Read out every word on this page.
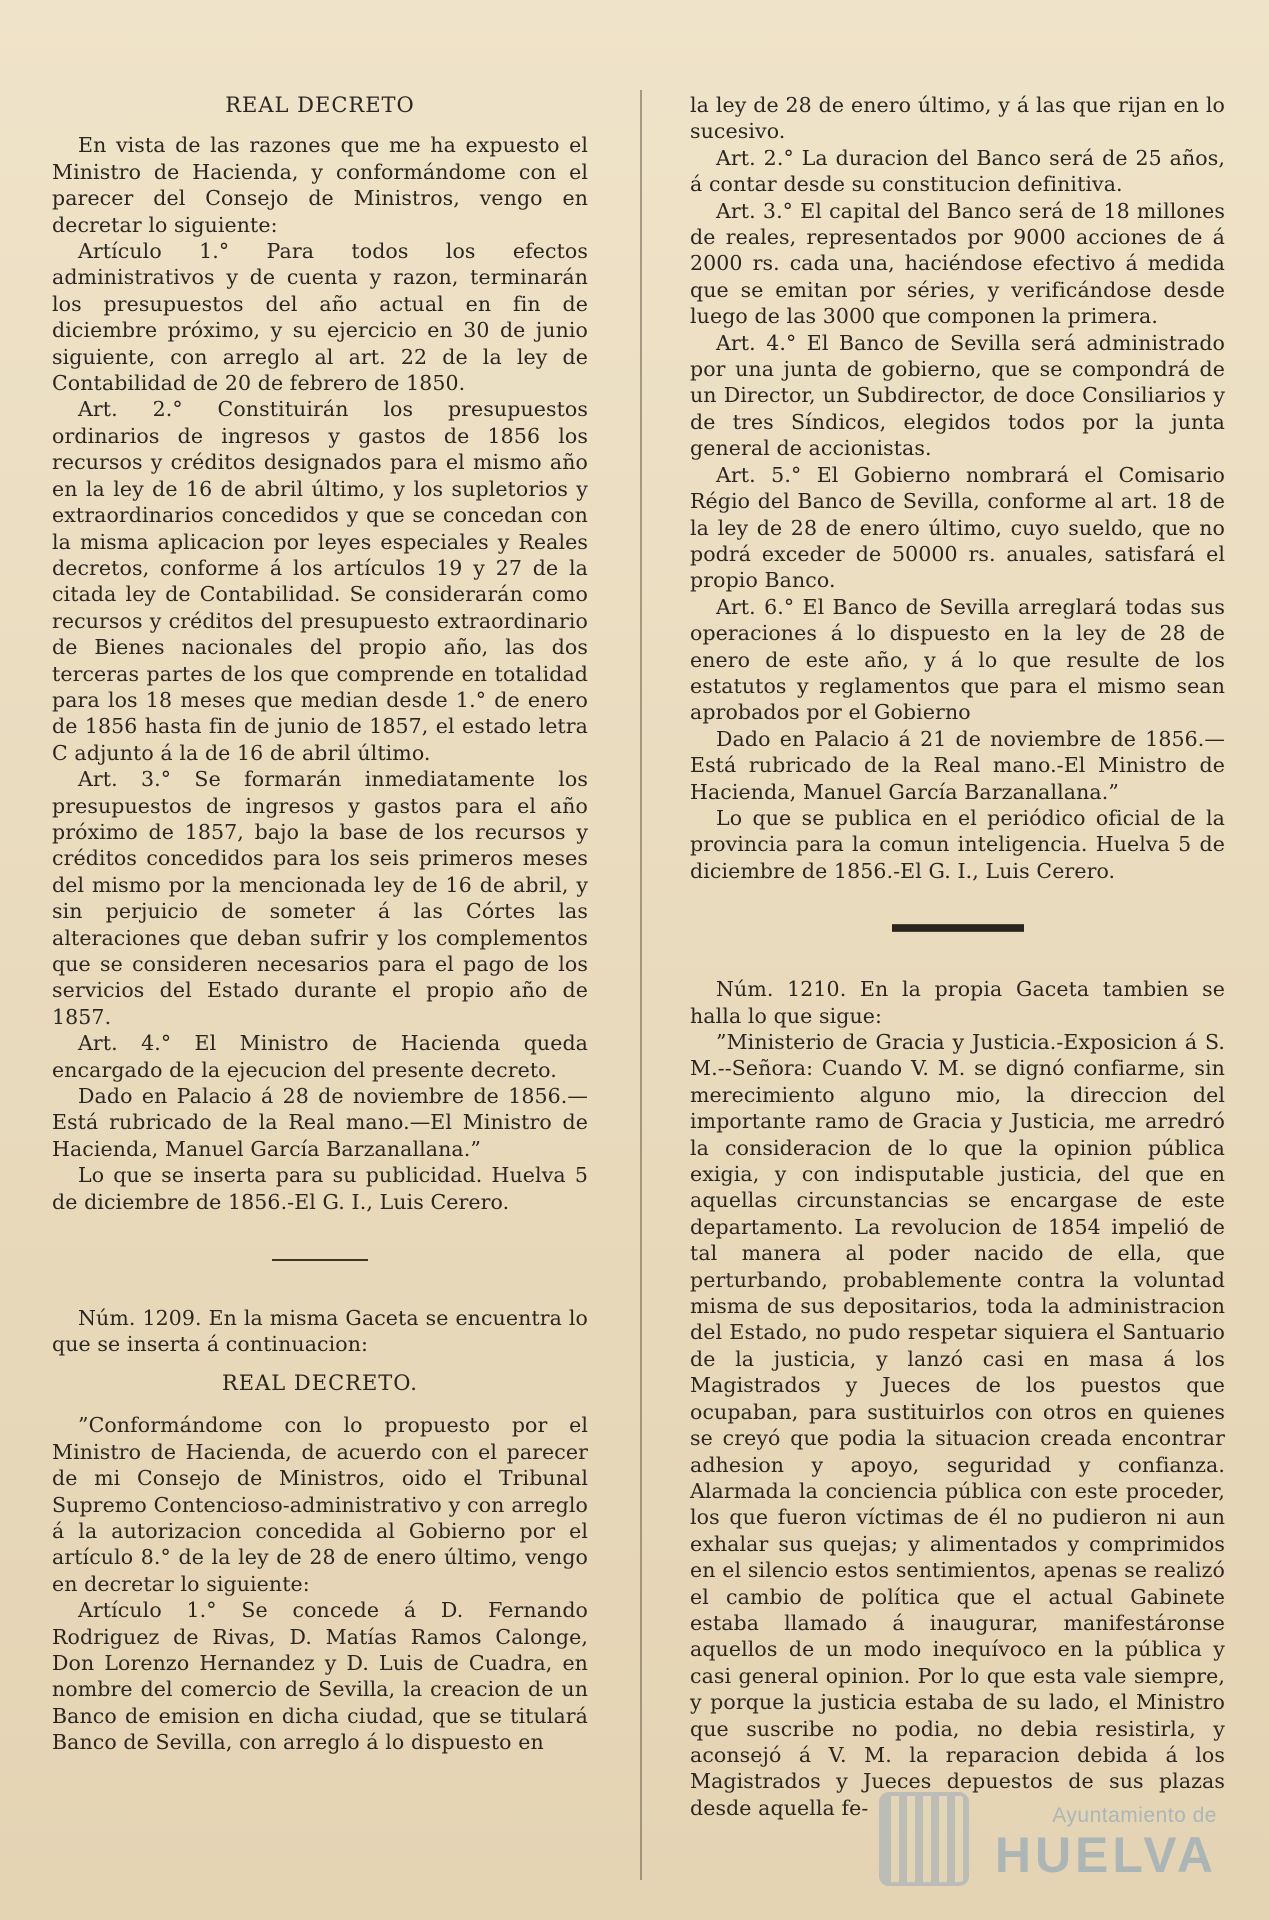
REAL DECRETO

En vista de las razones que me ha expuesto el Ministro de Hacienda, y conformándome con el parecer del Consejo de Ministros, vengo en decretar lo siguiente:

Artículo 1.° Para todos los efectos administrativos y de cuenta y razon, terminarán los presupuestos del año actual en fin de diciembre próximo, y su ejercicio en 30 de junio siguiente, con arreglo al art. 22 de la ley de Contabilidad de 20 de febrero de 1850.

Art. 2.° Constituirán los presupuestos ordinarios de ingresos y gastos de 1856 los recursos y créditos designados para el mismo año en la ley de 16 de abril último, y los supletorios y extraordinarios concedidos y que se concedan con la misma aplicacion por leyes especiales y Reales decretos, conforme á los artículos 19 y 27 de la citada ley de Contabilidad. Se considerarán como recursos y créditos del presupuesto extraordinario de Bienes nacionales del propio año, las dos terceras partes de los que comprende en totalidad para los 18 meses que median desde 1.° de enero de 1856 hasta fin de junio de 1857, el estado letra C adjunto á la de 16 de abril último.

Art. 3.° Se formarán inmediatamente los presupuestos de ingresos y gastos para el año próximo de 1857, bajo la base de los recursos y créditos concedidos para los seis primeros meses del mismo por la mencionada ley de 16 de abril, y sin perjuicio de someter á las Córtes las alteraciones que deban sufrir y los complementos que se consideren necesarios para el pago de los servicios del Estado durante el propio año de 1857.

Art. 4.° El Ministro de Hacienda queda encargado de la ejecucion del presente decreto.

Dado en Palacio á 28 de noviembre de 1856.—Está rubricado de la Real mano.—El Ministro de Hacienda, Manuel García Barzanallana.”

Lo que se inserta para su publicidad. Huelva 5 de diciembre de 1856.-El G. I., Luis Cerero.

Núm. 1209. En la misma Gaceta se encuentra lo que se inserta á continuacion:

REAL DECRETO.

”Conformándome con lo propuesto por el Ministro de Hacienda, de acuerdo con el parecer de mi Consejo de Ministros, oido el Tribunal Supremo Contencioso-administrativo y con arreglo á la autorizacion concedida al Gobierno por el artículo 8.° de la ley de 28 de enero último, vengo en decretar lo siguiente:

Artículo 1.° Se concede á D. Fernando Rodriguez de Rivas, D. Matías Ramos Calonge, Don Lorenzo Hernandez y D. Luis de Cuadra, en nombre del comercio de Sevilla, la creacion de un Banco de emision en dicha ciudad, que se titulará Banco de Sevilla, con arreglo á lo dispuesto en

la ley de 28 de enero último, y á las que rijan en lo sucesivo.

Art. 2.° La duracion del Banco será de 25 años, á contar desde su constitucion definitiva.

Art. 3.° El capital del Banco será de 18 millones de reales, representados por 9000 acciones de á 2000 rs. cada una, haciéndose efectivo á medida que se emitan por séries, y verificándose desde luego de las 3000 que componen la primera.

Art. 4.° El Banco de Sevilla será administrado por una junta de gobierno, que se compondrá de un Director, un Subdirector, de doce Consiliarios y de tres Síndicos, elegidos todos por la junta general de accionistas.

Art. 5.° El Gobierno nombrará el Comisario Régio del Banco de Sevilla, conforme al art. 18 de la ley de 28 de enero último, cuyo sueldo, que no podrá exceder de 50000 rs. anuales, satisfará el propio Banco.

Art. 6.° El Banco de Sevilla arreglará todas sus operaciones á lo dispuesto en la ley de 28 de enero de este año, y á lo que resulte de los estatutos y reglamentos que para el mismo sean aprobados por el Gobierno

Dado en Palacio á 21 de noviembre de 1856.—Está rubricado de la Real mano.-El Ministro de Hacienda, Manuel García Barzanallana.”

Lo que se publica en el periódico oficial de la provincia para la comun inteligencia. Huelva 5 de diciembre de 1856.-El G. I., Luis Cerero.

Núm. 1210. En la propia Gaceta tambien se halla lo que sigue:

”Ministerio de Gracia y Justicia.-Exposicion á S. M.--Señora: Cuando V. M. se dignó confiarme, sin merecimiento alguno mio, la direccion del importante ramo de Gracia y Justicia, me arredró la consideracion de lo que la opinion pública exigia, y con indisputable justicia, del que en aquellas circunstancias se encargase de este departamento. La revolucion de 1854 impelió de tal manera al poder nacido de ella, que perturbando, probablemente contra la voluntad misma de sus depositarios, toda la administracion del Estado, no pudo respetar siquiera el Santuario de la justicia, y lanzó casi en masa á los Magistrados y Jueces de los puestos que ocupaban, para sustituirlos con otros en quienes se creyó que podia la situacion creada encontrar adhesion y apoyo, seguridad y confianza. Alarmada la conciencia pública con este proceder, los que fueron víctimas de él no pudieron ni aun exhalar sus quejas; y alimentados y comprimidos en el silencio estos sentimientos, apenas se realizó el cambio de política que el actual Gabinete estaba llamado á inaugurar, manifestáronse aquellos de un modo inequívoco en la pública y casi general opinion. Por lo que esta vale siempre, y porque la justicia estaba de su lado, el Ministro que suscribe no podia, no debia resistirla, y aconsejó á V. M. la reparacion debida á los Magistrados y Jueces depuestos de sus plazas desde aquella fe-	Ayuntamiento de
HUELVA
